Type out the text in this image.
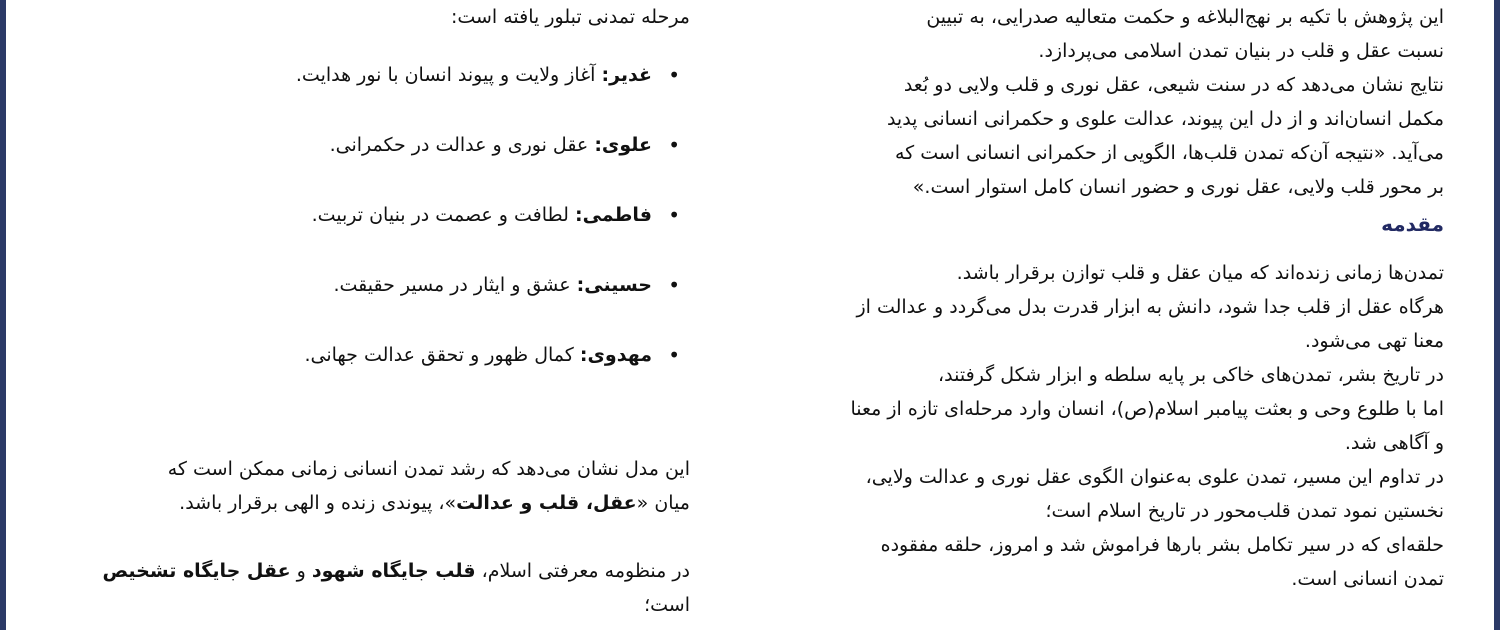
این پژوهش با تکیه بر نهج‌البلاغه و حکمت متعالیه صدرایی، به تبیین

نسبت عقل و قلب در بنیان تمدن اسلامی می‌پردازد.

نتایج نشان می‌دهد که در سنت شیعی، عقل نوری و قلب ولایی دو بُعد

مکمل انسان‌اند و از دل این پیوند، عدالت علوی و حکمرانی انسانی پدید

می‌آید. «نتیجه آن‌که تمدن قلب‌ها، الگویی از حکمرانی انسانی است که

بر محور قلب ولایی، عقل نوری و حضور انسان کامل استوار است.»

مقدمه

تمدن‌ها زمانی زنده‌اند که میان عقل و قلب توازن برقرار باشد.

هرگاه عقل از قلب جدا شود، دانش به ابزار قدرت بدل می‌گردد و عدالت از

معنا تهی می‌شود.

در تاریخ بشر، تمدن‌های خاکی بر پایه سلطه و ابزار شکل گرفتند،

اما با طلوع وحی و بعثت پیامبر اسلام(ص)، انسان وارد مرحله‌ای تازه از معنا

و آگاهی شد.

در تداوم این مسیر، تمدن علوی به‌عنوان الگوی عقل نوری و عدالت ولایی،

نخستین نمود تمدن قلب‌محور در تاریخ اسلام است؛

حلقه‌ای که در سیر تکامل بشر بارها فراموش شد و امروز، حلقه مفقوده

تمدن انسانی است.

مرحله تمدنی تبلور یافته است:

•
غدیر: آغاز ولایت و پیوند انسان با نور هدایت.
•
علوی: عقل نوری و عدالت در حکمرانی.
•
فاطمی: لطافت و عصمت در بنیان تربیت.
•
حسینی: عشق و ایثار در مسیر حقیقت.
•
مهدوی: کمال ظهور و تحقق عدالت جهانی.

این مدل نشان می‌دهد که رشد تمدن انسانی زمانی ممکن است که

میان «عقل، قلب و عدالت»، پیوندی زنده و الهی برقرار باشد.

در منظومه معرفتی اسلام، قلب جایگاه شهود و عقل جایگاه تشخیص

است؛
